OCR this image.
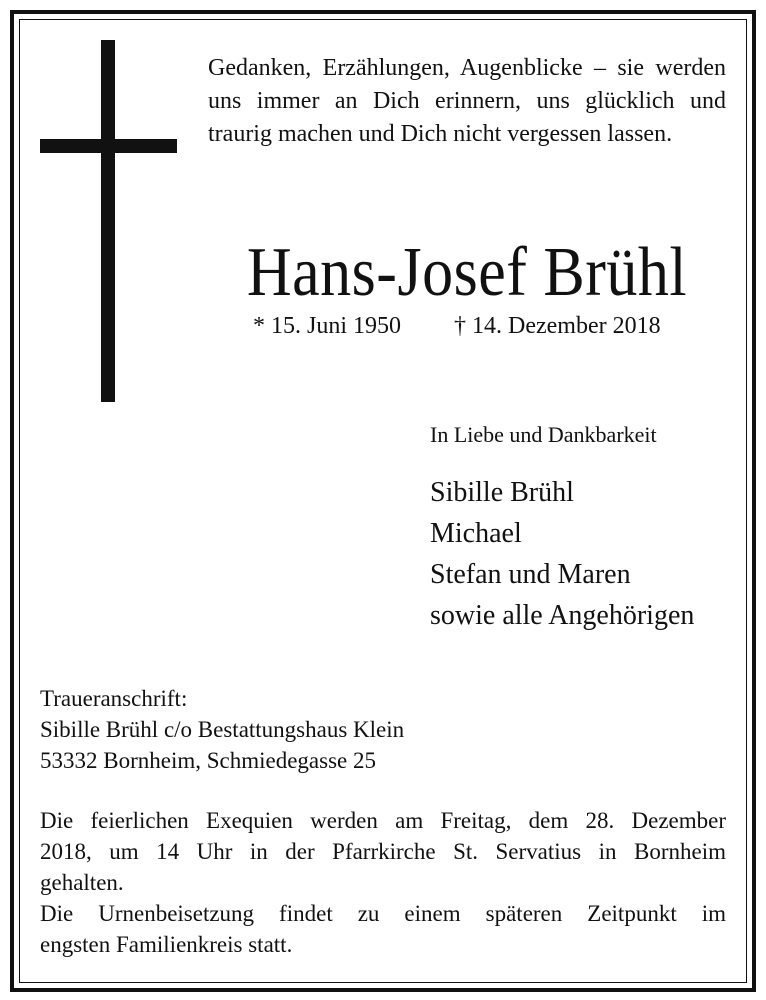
Gedanken, Erzählungen, Augenblicke – sie werden
uns immer an Dich erinnern, uns glücklich und
traurig machen und Dich nicht vergessen lassen.
Hans-Josef Brühl
* 15. Juni 1950 † 14. Dezember 2018
In Liebe und Dankbarkeit
Sibille Brühl
Michael
Stefan und Maren
sowie alle Angehörigen
Traueranschrift:
Sibille Brühl c/o Bestattungshaus Klein
53332 Bornheim, Schmiedegasse 25
Die feierlichen Exequien werden am Freitag, dem 28. Dezember
2018, um 14 Uhr in der Pfarrkirche St. Servatius in Bornheim
gehalten.
Die Urnenbeisetzung findet zu einem späteren Zeitpunkt im
engsten Familienkreis statt.
